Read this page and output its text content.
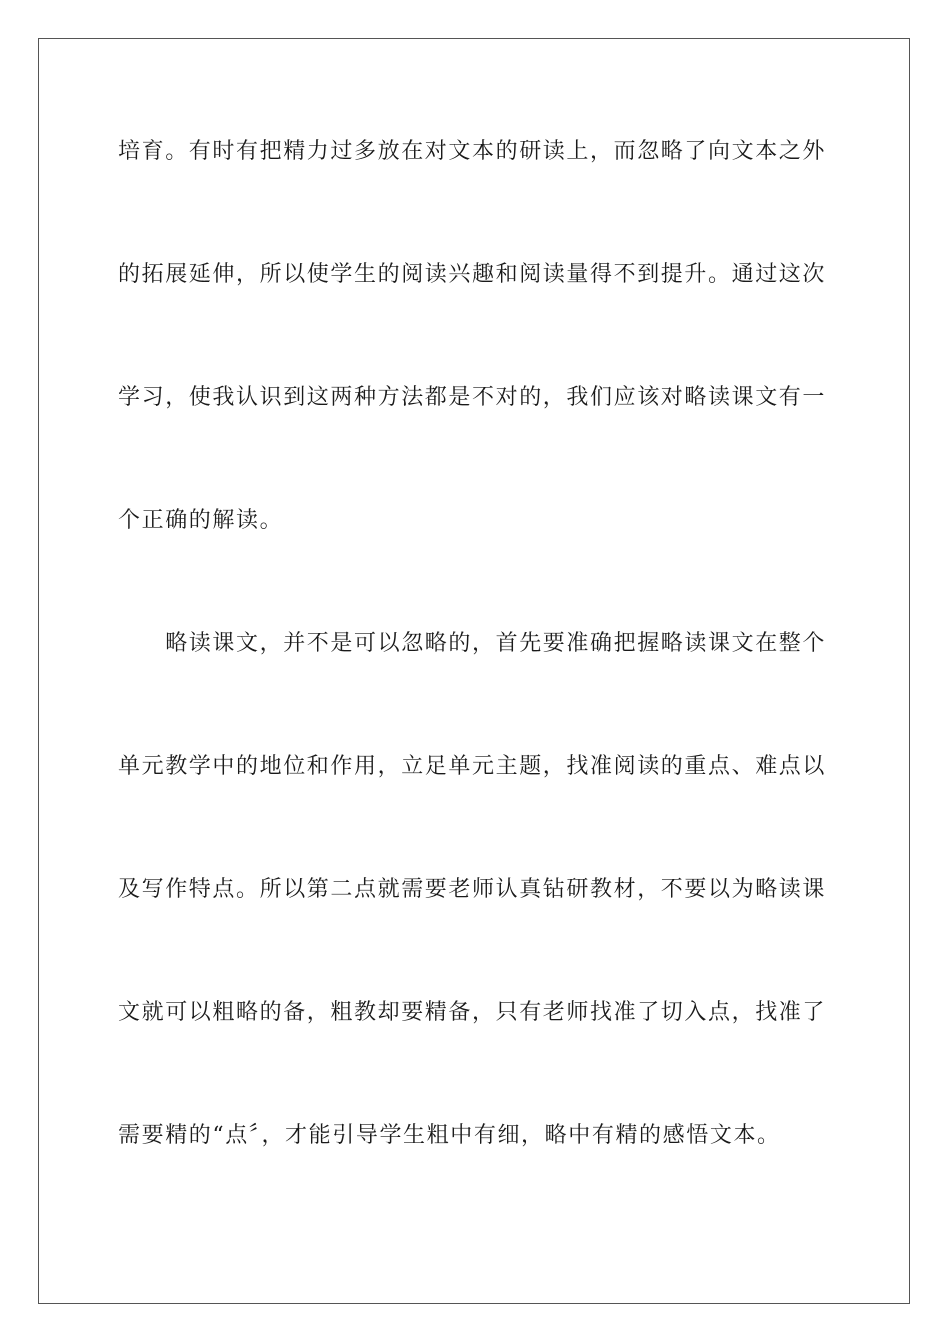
培育。有时有把精力过多放在对文本的研读上，而忽略了向文本之外
的拓展延伸，所以使学生的阅读兴趣和阅读量得不到提升。通过这次
学习，使我认识到这两种方法都是不对的，我们应该对略读课文有一
个正确的解读。
　　略读课文，并不是可以忽略的，首先要准确把握略读课文在整个
单元教学中的地位和作用，立足单元主题，找准阅读的重点、难点以
及写作特点。所以第二点就需要老师认真钻研教材，不要以为略读课
文就可以粗略的备，粗教却要精备，只有老师找准了切入点，找准了
需要精的“点〞，才能引导学生粗中有细，略中有精的感悟文本。
